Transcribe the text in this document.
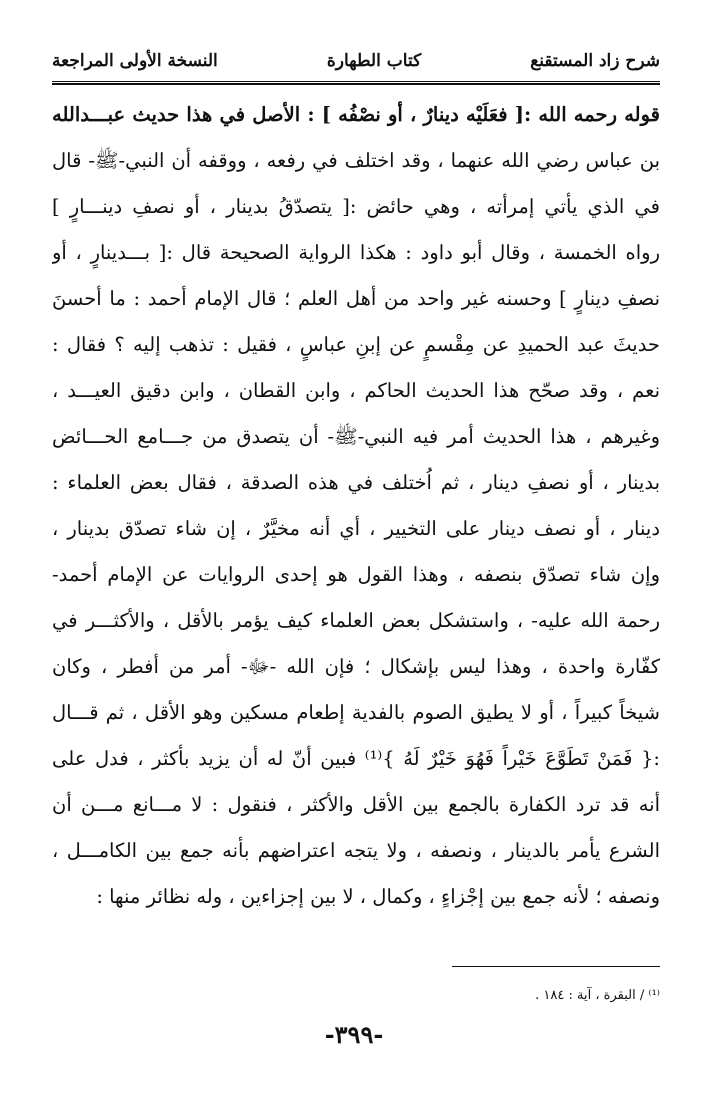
شرح زاد المستقنع
كتاب الطهارة
النسخة الأولى المراجعة
قوله رحمه الله :[ فعَلَيْه دينارٌ ، أو نصْفُه ] : الأصل في هذا حديث عبـــدالله
بن عباس رضي الله عنهما ، وقد اختلف في رفعه ، ووقفه أن النبي-ﷺ- قال
في الذي يأتي إمرأته ، وهي حائض :[ يتصدّقُ بدينار ، أو نصفِ دينـــارٍ ]
رواه الخمسة ، وقال أبو داود : هكذا الرواية الصحيحة قال :[ بـــدينارٍ ، أو
نصفِ دينارٍ ] وحسنه غير واحد من أهل العلم ؛ قال الإمام أحمد : ما أحسنَ
حديثَ عبد الحميدِ عن مِقْسمٍ عن إبنِ عباسٍ ، فقيل : تذهب إليه ؟ فقال :
نعم ، وقد صحّح هذا الحديث الحاكم ، وابن القطان ، وابن دقيق العيـــد ،
وغيرهم ، هذا الحديث أمر فيه النبي-ﷺ- أن يتصدق من جـــامع الحـــائض
بدينار ، أو نصفِ دينار ، ثم اُختلف في هذه الصدقة ، فقال بعض العلماء :
دينار ، أو نصف دينار على التخيير ، أي أنه مخيَّرٌ ، إن شاء تصدّق بدينار ،
وإن شاء تصدّق بنصفه ، وهذا القول هو إحدى الروايات عن الإمام أحمد-
رحمة الله عليه- ، واستشكل بعض العلماء كيف يؤمر بالأقل ، والأكثـــر في
كفّارة واحدة ، وهذا ليس بإشكال ؛ فإن الله -ﷻ- أمر من أفطر ، وكان
شيخاً كبيراً ، أو لا يطيق الصوم بالفدية إطعام مسكين وهو الأقل ، ثم قـــال
:{ فَمَنْ تَطَوَّعَ خَيْراً فَهُوَ خَيْرٌ لَهُ }⁽¹⁾ فبين أنّ له أن يزيد بأكثر ، فدل على
أنه قد ترد الكفارة بالجمع بين الأقل والأكثر ، فنقول : لا مـــانع مـــن أن
الشرع يأمر بالدينار ، ونصفه ، ولا يتجه اعتراضهم بأنه جمع بين الكامـــل ،
ونصفه ؛ لأنه جمع بين إجْزاءٍ ، وكمال ، لا بين إجزاءين ، وله نظائر منها :
⁽¹⁾ / البقرة ، آية : ١٨٤ .
-٣٩٩-
